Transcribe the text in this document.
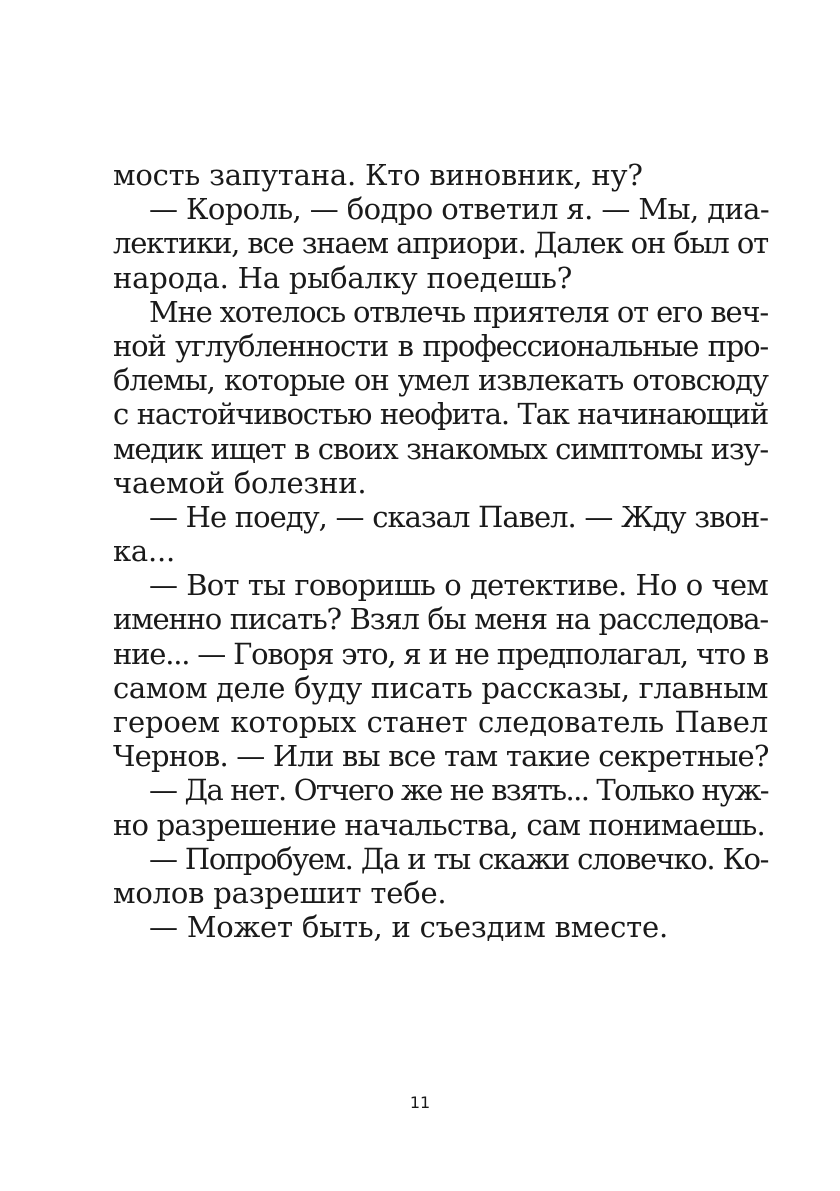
мость запутана. Кто виновник, ну?
— Король, — бодро ответил я. — Мы, диа-
лектики, все знаем априори. Далек он был от
народа. На рыбалку поедешь?
Мне хотелось отвлечь приятеля от его веч-
ной углубленности в профессиональные про-
блемы, которые он умел извлекать отовсюду
с настойчивостью неофита. Так начинающий
медик ищет в своих знакомых симптомы изу-
чаемой болезни.
— Не поеду, — сказал Павел. — Жду звон-
ка...
— Вот ты говоришь о детективе. Но о чем
именно писать? Взял бы меня на расследова-
ние... — Говоря это, я и не предполагал, что в
самом деле буду писать рассказы, главным
героем которых станет следователь Павел
Чернов. — Или вы все там такие секретные?
— Да нет. Отчего же не взять... Только нуж-
но разрешение начальства, сам понимаешь.
— Попробуем. Да и ты скажи словечко. Ко-
молов разрешит тебе.
— Может быть, и съездим вместе.
11
